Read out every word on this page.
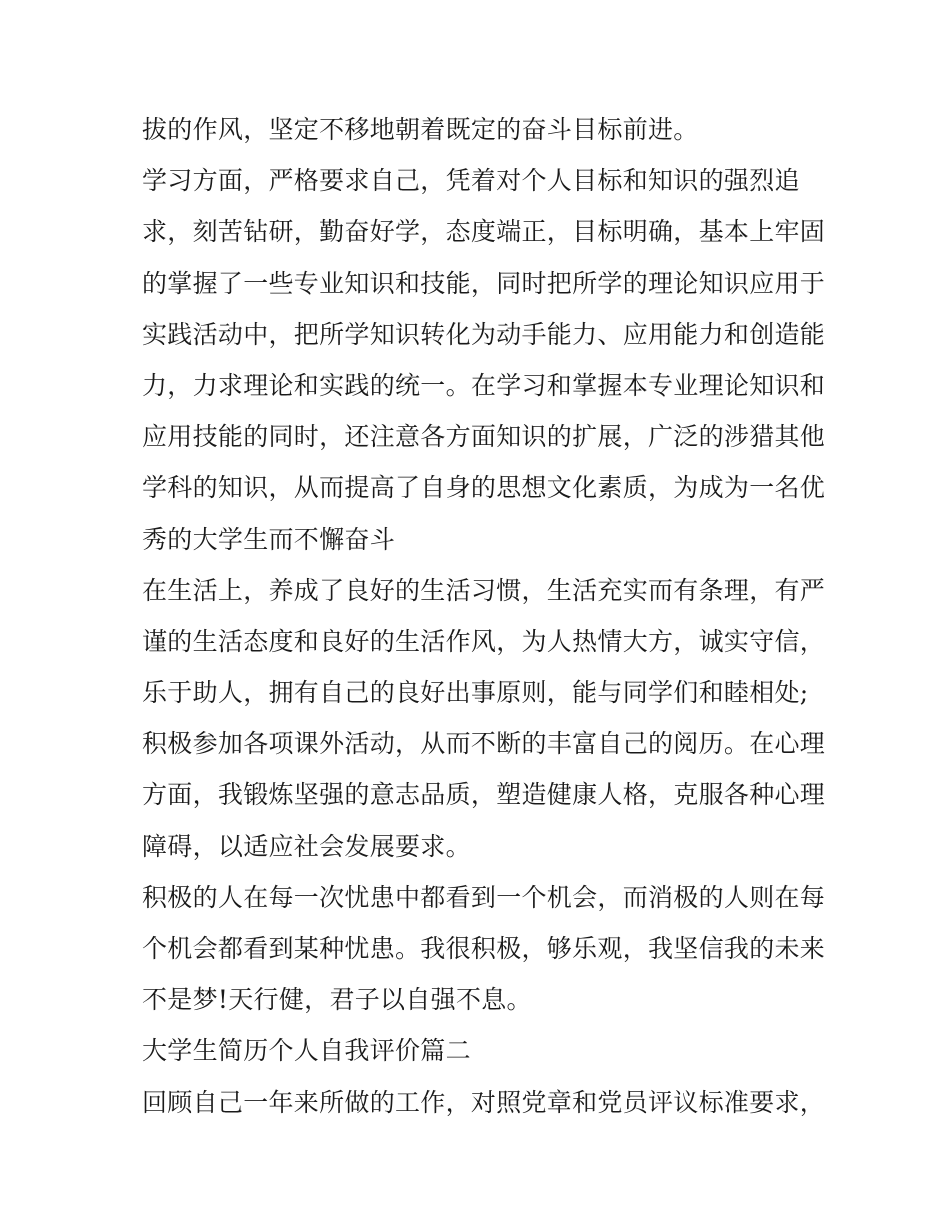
拔的作风，坚定不移地朝着既定的奋斗目标前进。
学习方面，严格要求自己，凭着对个人目标和知识的强烈追
求，刻苦钻研，勤奋好学，态度端正，目标明确，基本上牢固
的掌握了一些专业知识和技能，同时把所学的理论知识应用于
实践活动中，把所学知识转化为动手能力、应用能力和创造能
力，力求理论和实践的统一。在学习和掌握本专业理论知识和
应用技能的同时，还注意各方面知识的扩展，广泛的涉猎其他
学科的知识，从而提高了自身的思想文化素质，为成为一名优
秀的大学生而不懈奋斗
在生活上，养成了良好的生活习惯，生活充实而有条理，有严
谨的生活态度和良好的生活作风，为人热情大方，诚实守信，
乐于助人，拥有自己的良好出事原则，能与同学们和睦相处;
积极参加各项课外活动，从而不断的丰富自己的阅历。在心理
方面，我锻炼坚强的意志品质，塑造健康人格，克服各种心理
障碍，以适应社会发展要求。
积极的人在每一次忧患中都看到一个机会，而消极的人则在每
个机会都看到某种忧患。我很积极，够乐观，我坚信我的未来
不是梦!天行健，君子以自强不息。
大学生简历个人自我评价篇二
回顾自己一年来所做的工作，对照党章和党员评议标准要求，
